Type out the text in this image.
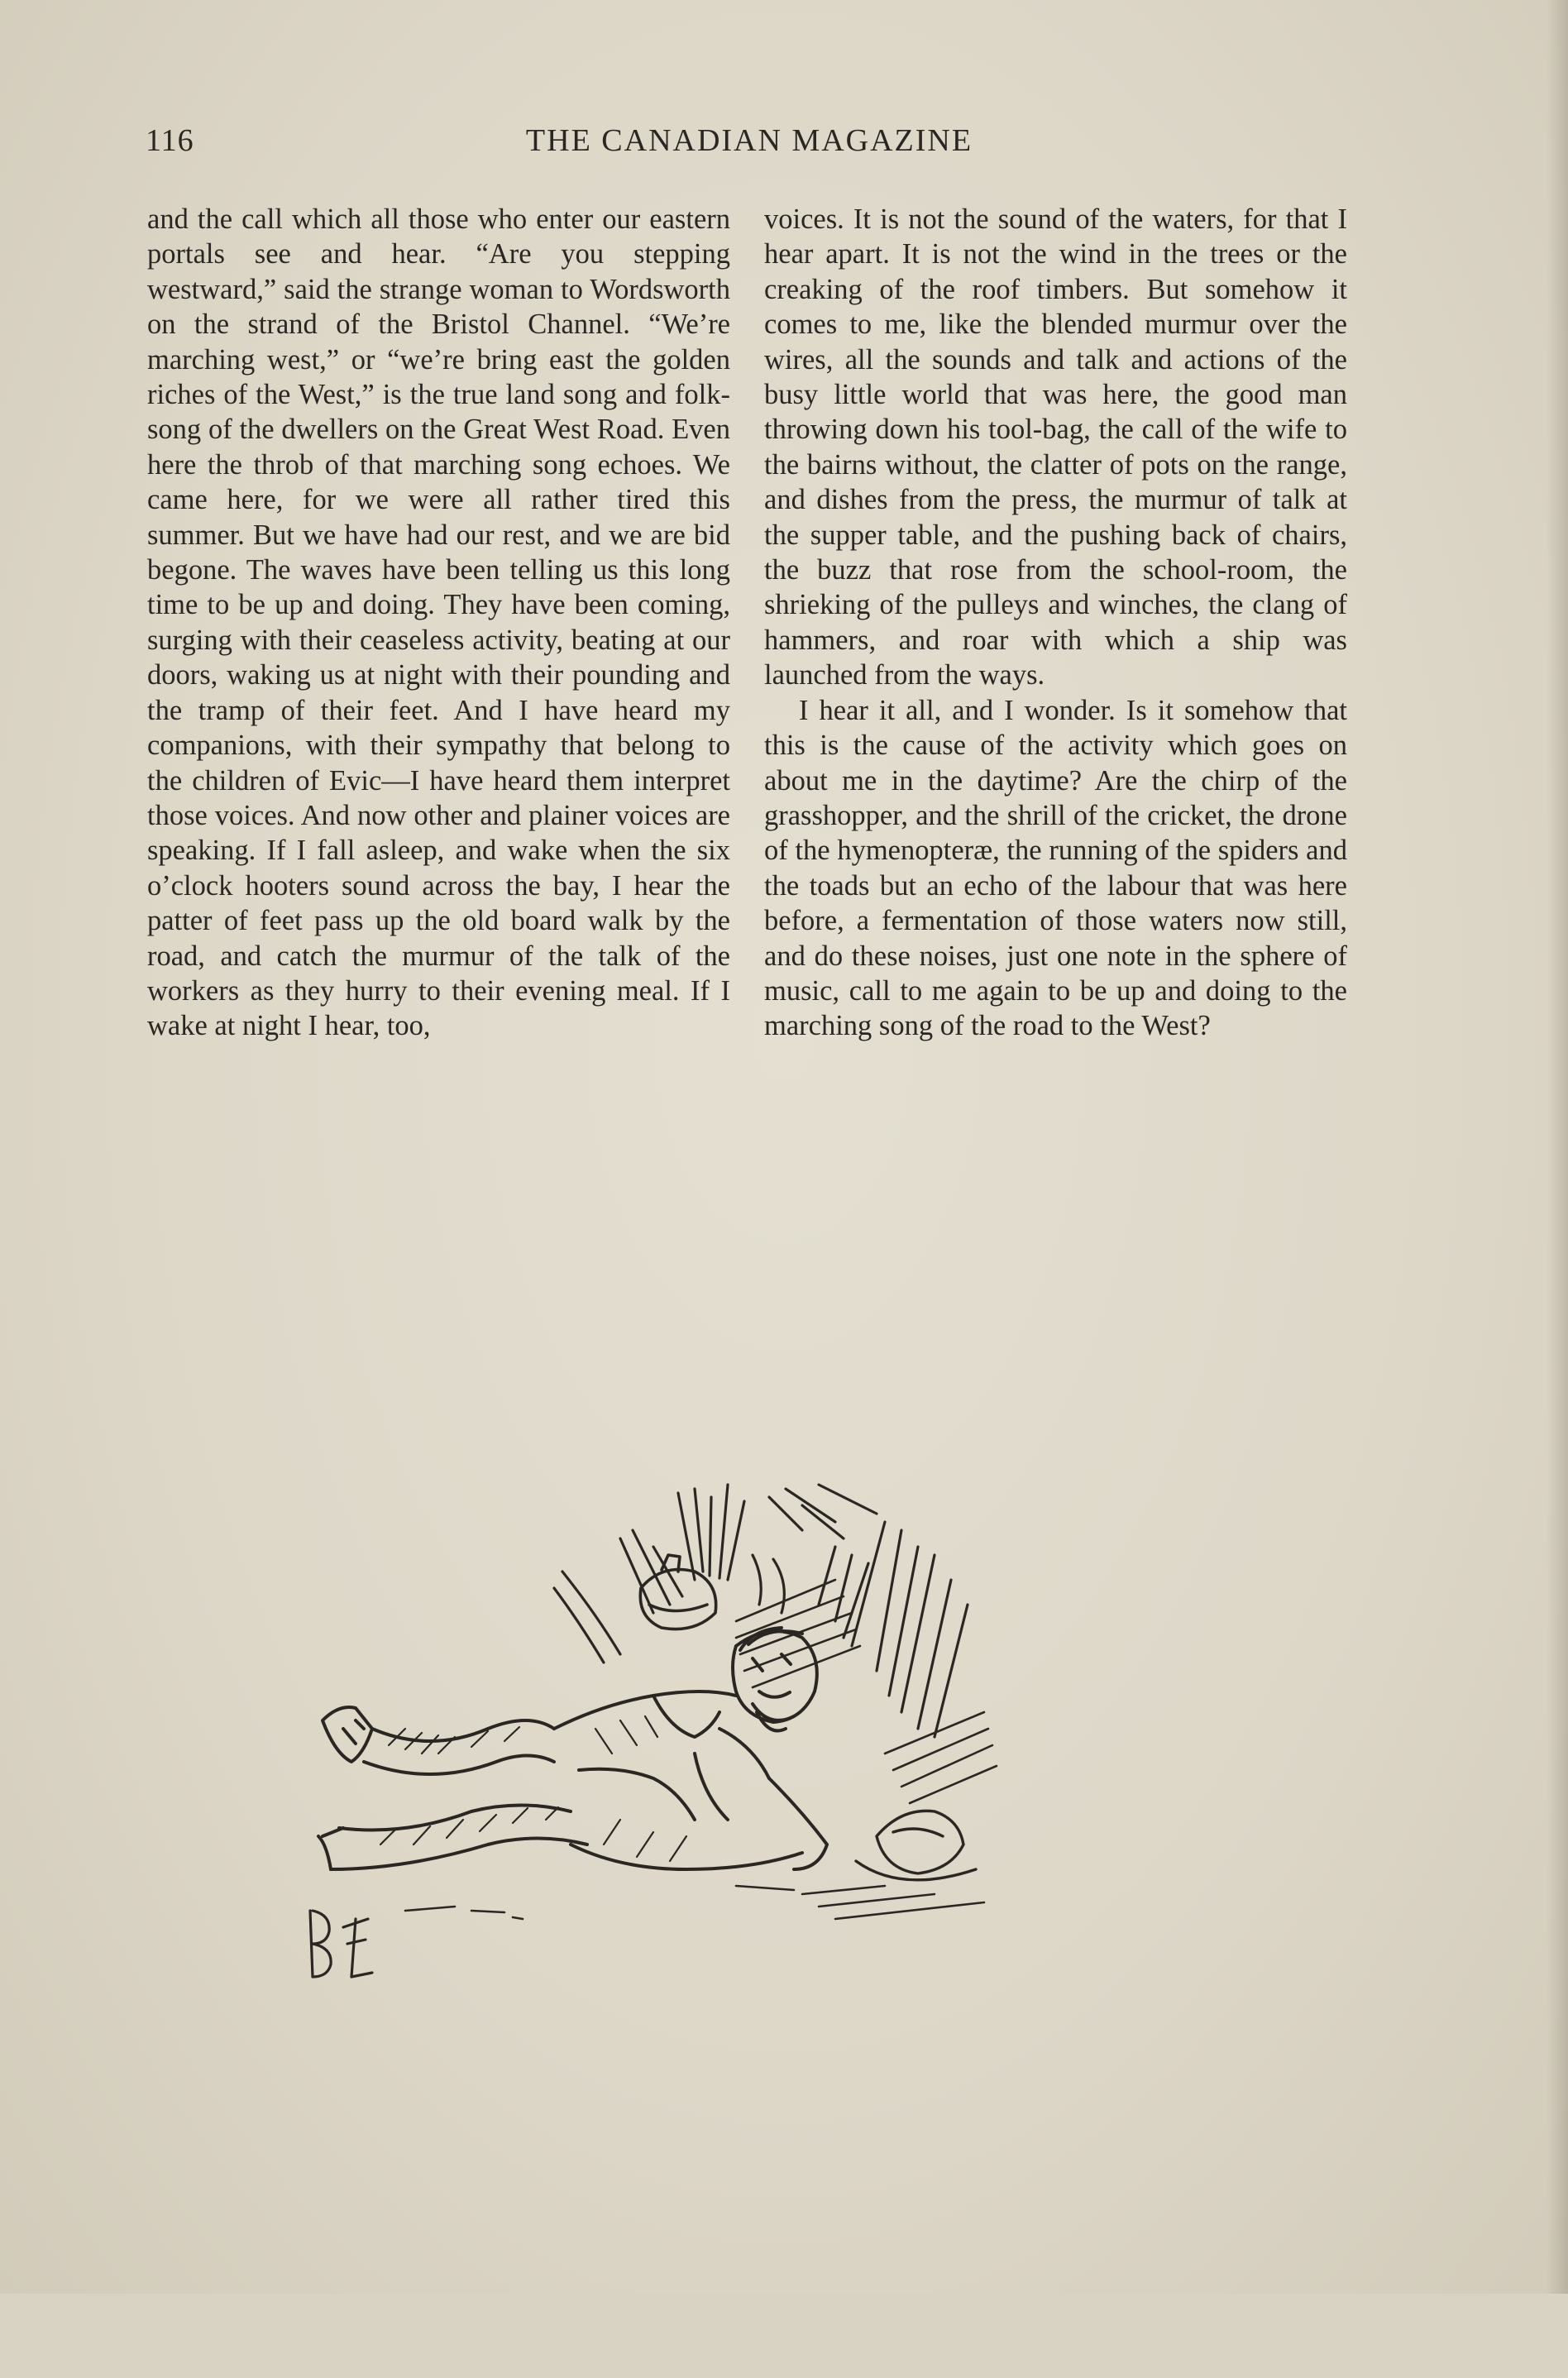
116	THE CANADIAN MAGAZINE

and the call which all those who enter our eastern portals see and hear. “Are you stepping westward,” said the strange woman to Wordsworth on the strand of the Bristol Channel. “We’re marching west,” or “we’re bring east the golden riches of the West,” is the true land song and folk-song of the dwellers on the Great West Road. Even here the throb of that marching song echoes. We came here, for we were all rather tired this summer. But we have had our rest, and we are bid begone. The waves have been telling us this long time to be up and doing. They have been coming, surging with their ceaseless activity, beating at our doors, waking us at night with their pounding and the tramp of their feet. And I have heard my companions, with their sympathy that belong to the children of Evic—I have heard them interpret those voices. And now other and plainer voices are speaking. If I fall asleep, and wake when the six o’clock hooters sound across the bay, I hear the patter of feet pass up the old board walk by the road, and catch the murmur of the talk of the workers as they hurry to their evening meal. If I wake at night I hear, too,

voices. It is not the sound of the waters, for that I hear apart. It is not the wind in the trees or the creaking of the roof timbers. But somehow it comes to me, like the blended murmur over the wires, all the sounds and talk and actions of the busy little world that was here, the good man throwing down his tool-bag, the call of the wife to the bairns without, the clatter of pots on the range, and dishes from the press, the murmur of talk at the supper table, and the pushing back of chairs, the buzz that rose from the school-room, the shrieking of the pulleys and winches, the clang of hammers, and roar with which a ship was launched from the ways.

I hear it all, and I wonder. Is it somehow that this is the cause of the activity which goes on about me in the daytime? Are the chirp of the grasshopper, and the shrill of the cricket, the drone of the hymenopteræ, the running of the spiders and the toads but an echo of the labour that was here before, a fermentation of those waters now still, and do these noises, just one note in the sphere of music, call to me again to be up and doing to the marching song of the road to the West?
